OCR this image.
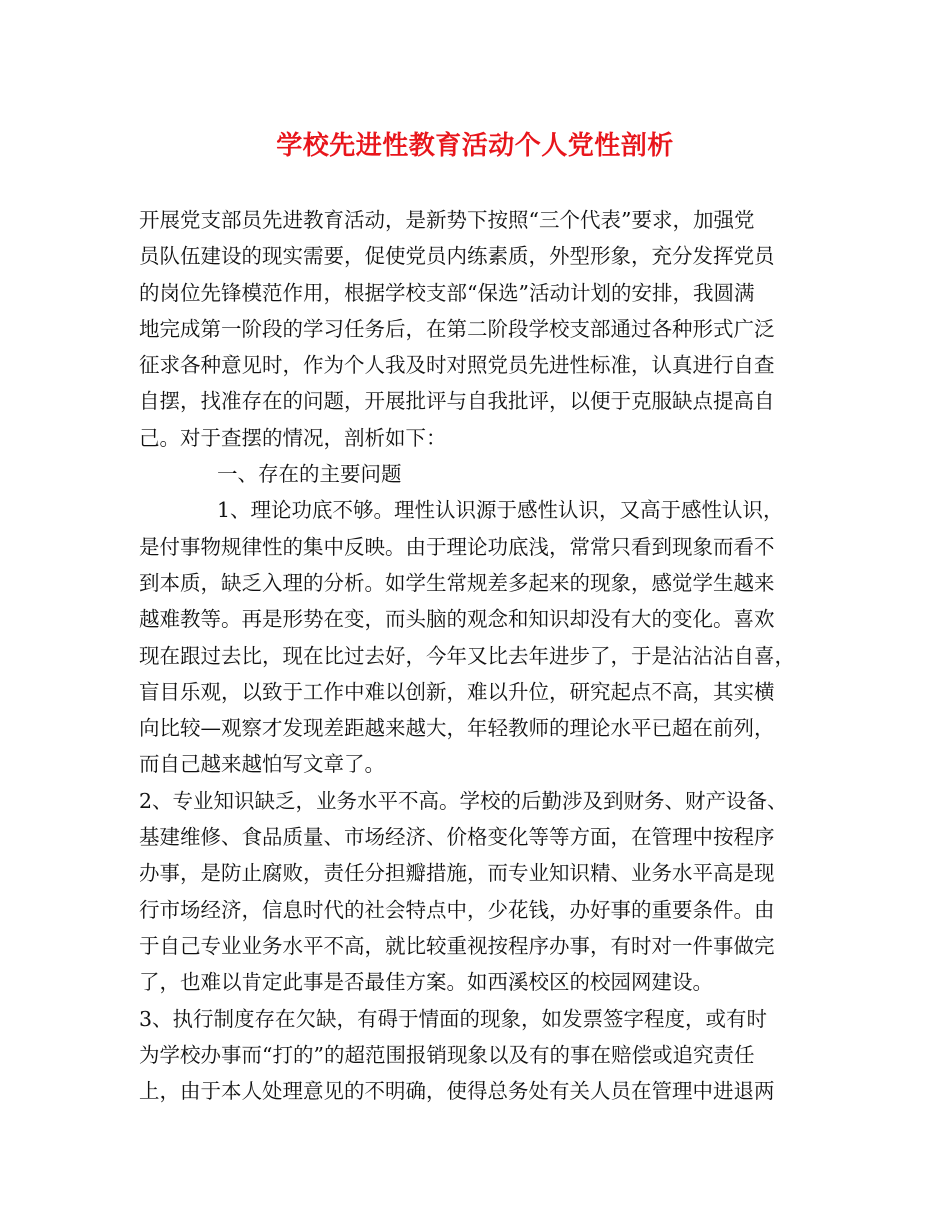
学校先进性教育活动个人党性剖析
开展党支部员先进教育活动，是新势下按照“三个代表”要求，加强党
员队伍建设的现实需要，促使党员内练素质，外型形象，充分发挥党员
的岗位先锋模范作用，根据学校支部“保选”活动计划的安排，我圆满
地完成第一阶段的学习任务后，在第二阶段学校支部通过各种形式广泛
征求各种意见时，作为个人我及时对照党员先进性标准，认真进行自查
自摆，找准存在的问题，开展批评与自我批评，以便于克服缺点提高自
己。对于查摆的情况，剖析如下：
一、存在的主要问题
1、理论功底不够。理性认识源于感性认识，又高于感性认识，
是付事物规律性的集中反映。由于理论功底浅，常常只看到现象而看不
到本质，缺乏入理的分析。如学生常规差多起来的现象，感觉学生越来
越难教等。再是形势在变，而头脑的观念和知识却没有大的变化。喜欢
现在跟过去比，现在比过去好，今年又比去年进步了，于是沾沾沾自喜，
盲目乐观，以致于工作中难以创新，难以升位，研究起点不高，其实横
向比较—观察才发现差距越来越大，年轻教师的理论水平已超在前列，
而自己越来越怕写文章了。
2、专业知识缺乏，业务水平不高。学校的后勤涉及到财务、财产设备、
基建维修、食品质量、市场经济、价格变化等等方面，在管理中按程序
办事，是防止腐败，责任分担瓣措施，而专业知识精、业务水平高是现
行市场经济，信息时代的社会特点中，少花钱，办好事的重要条件。由
于自己专业业务水平不高，就比较重视按程序办事，有时对一件事做完
了，也难以肯定此事是否最佳方案。如西溪校区的校园网建设。
3、执行制度存在欠缺，有碍于情面的现象，如发票签字程度，或有时
为学校办事而“打的”的超范围报销现象以及有的事在赔偿或追究责任
上，由于本人处理意见的不明确，使得总务处有关人员在管理中进退两
